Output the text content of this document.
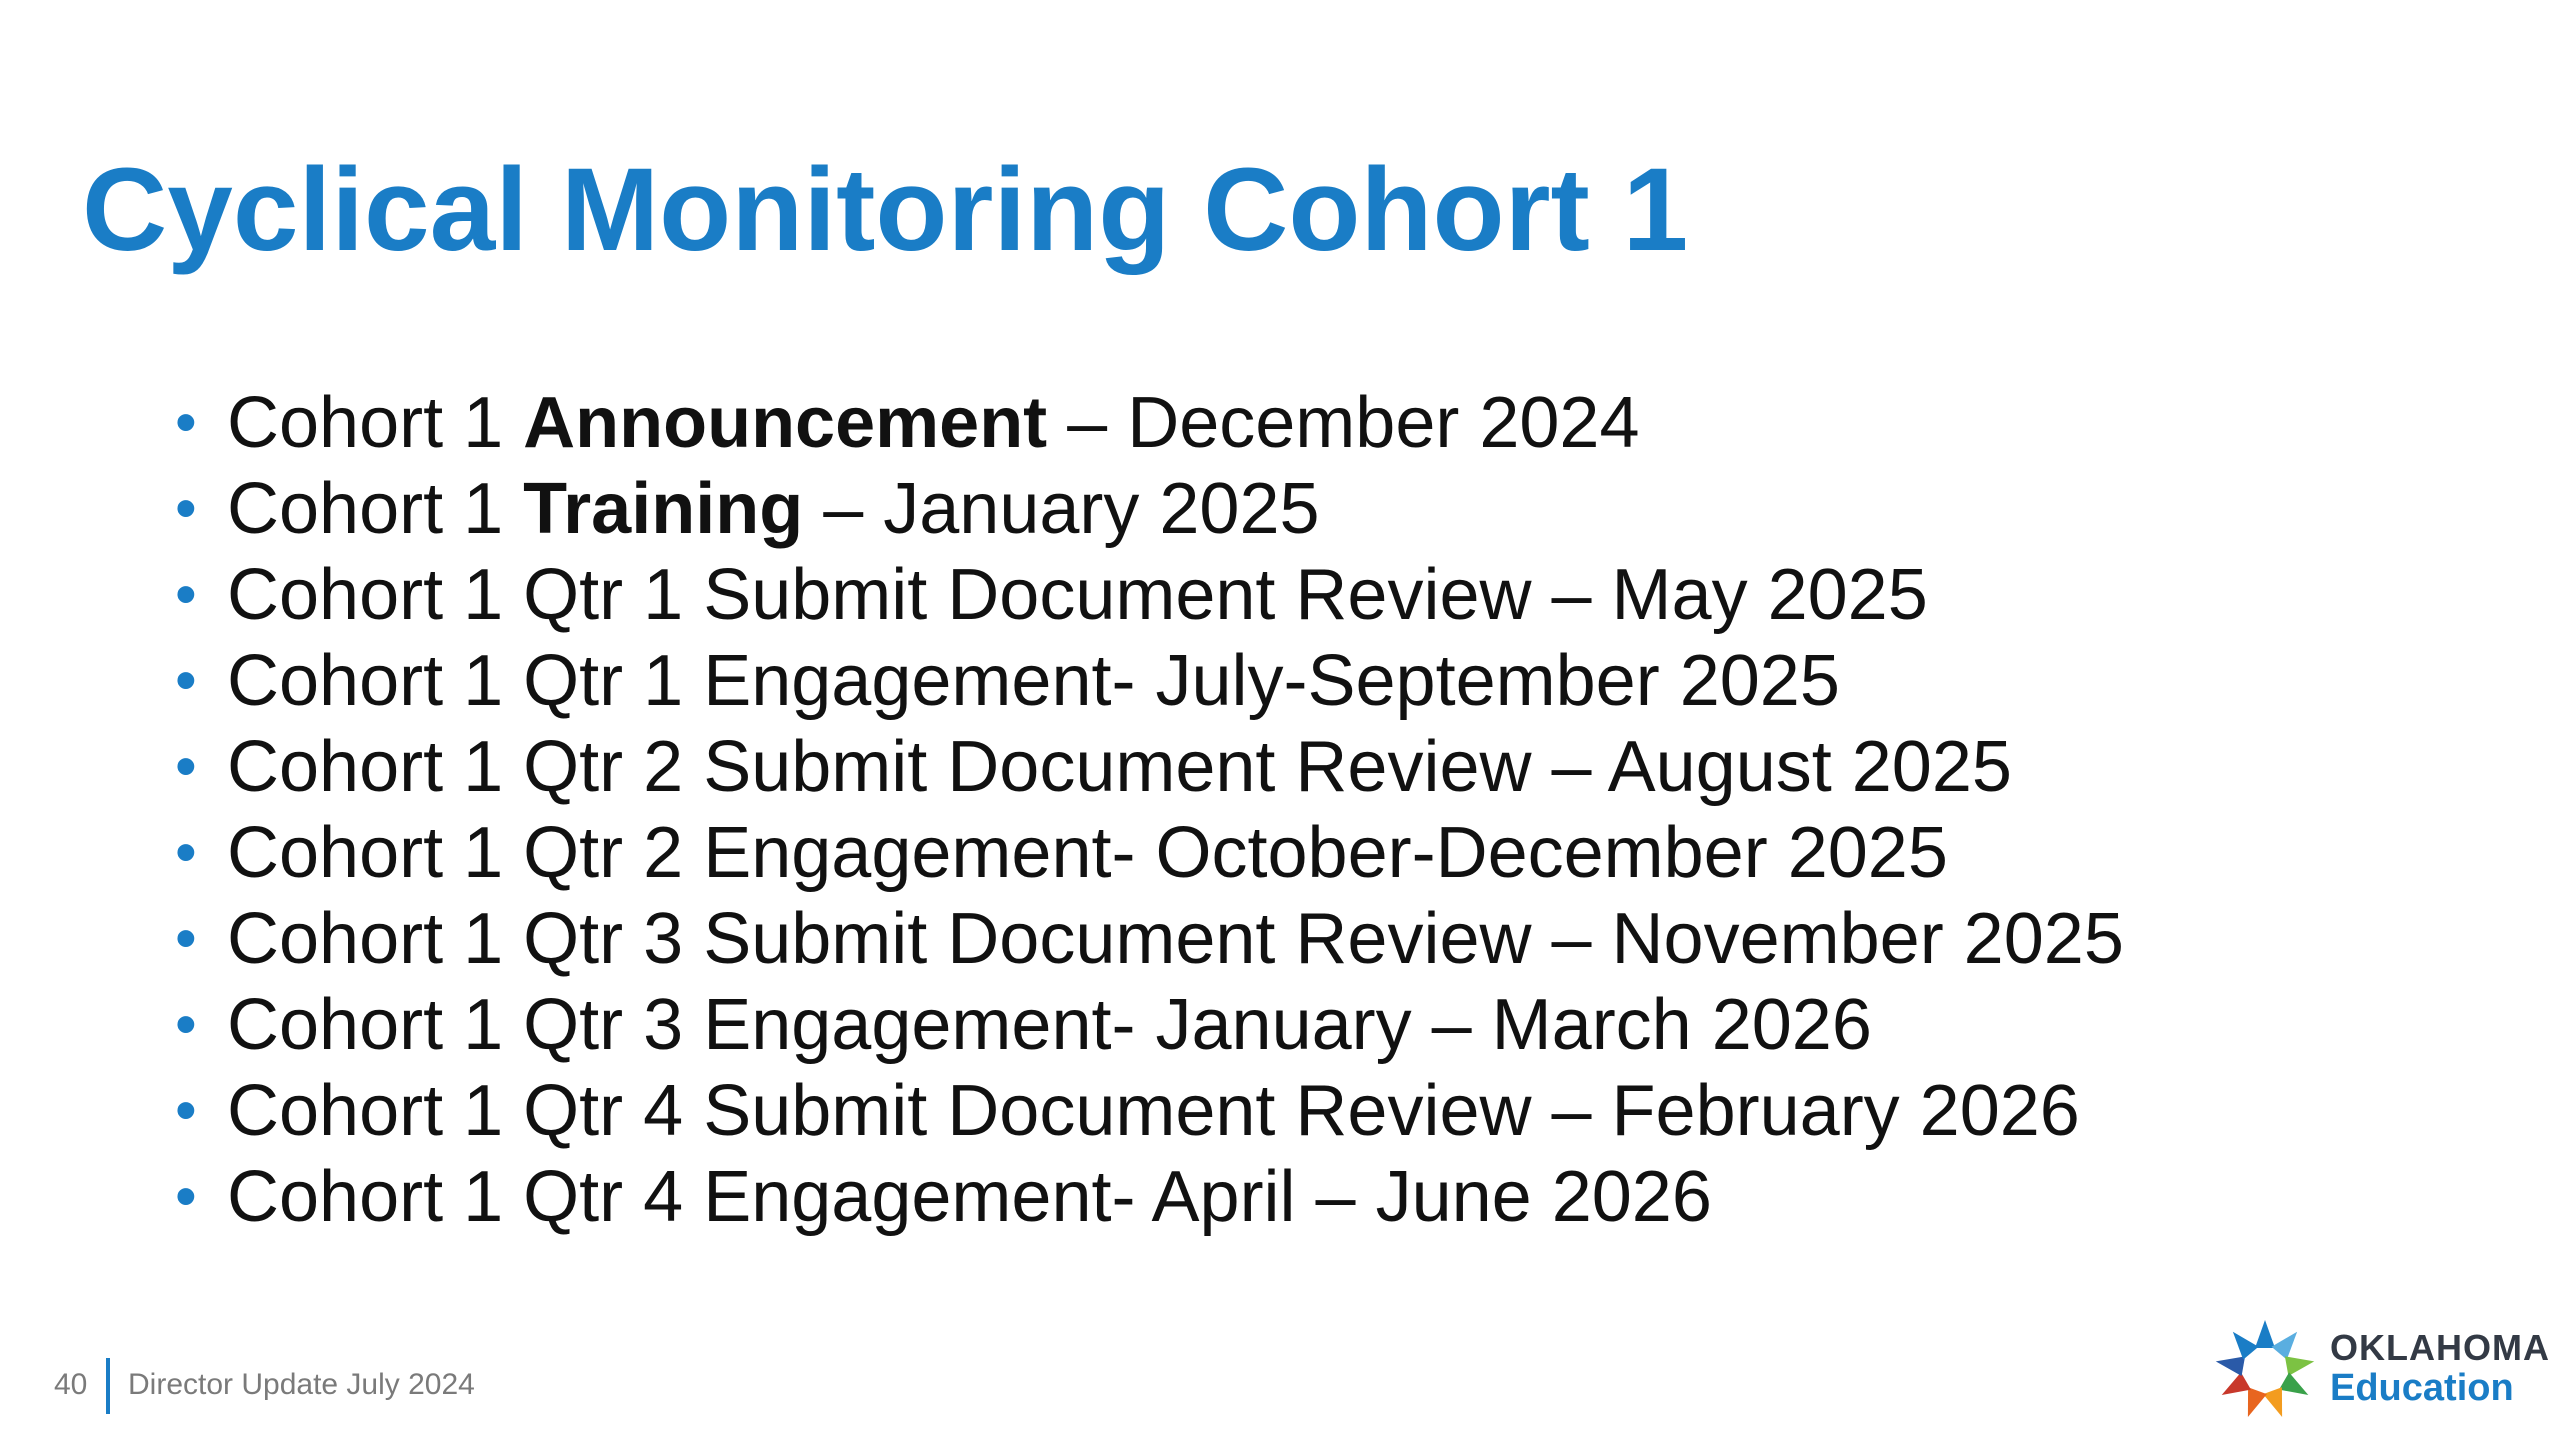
Cyclical Monitoring Cohort 1
• Cohort 1 Announcement – December 2024
• Cohort 1 Training – January 2025
• Cohort 1 Qtr 1 Submit Document Review – May 2025
• Cohort 1 Qtr 1 Engagement- July-September 2025
• Cohort 1 Qtr 2 Submit Document Review – August 2025
• Cohort 1 Qtr 2 Engagement- October-December 2025
• Cohort 1 Qtr 3 Submit Document Review – November 2025
• Cohort 1 Qtr 3 Engagement- January – March 2026
• Cohort 1 Qtr 4 Submit Document Review – February 2026
• Cohort 1 Qtr 4 Engagement- April – June 2026
40 Director Update July 2024
OKLAHOMA
Education
